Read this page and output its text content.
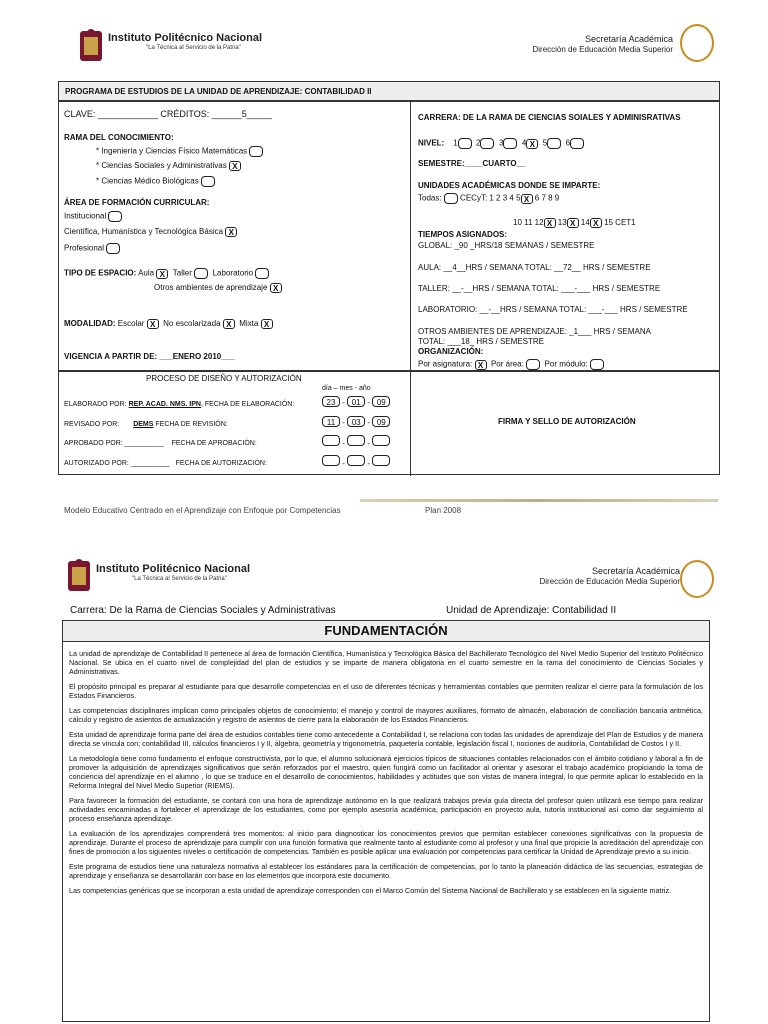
Instituto Politécnico Nacional
"La Técnica al Servicio de la Patria"
Secretaría Académica
Dirección de Educación Media Superior
PROGRAMA DE ESTUDIOS DE LA UNIDAD DE APRENDIZAJE: CONTABILIDAD II
CLAVE: ____________ CRÉDITOS: ______5_____
RAMA DEL CONOCIMIENTO:
* Ingeniería y Ciencias Físico Matemáticas
* Ciencias Sociales y Administrativas X
* Ciencias Médico Biológicas
ÁREA DE FORMACIÓN CURRICULAR:
Institucional
Científica, Humanística y Tecnológica Básica X
Profesional
TIPO DE ESPACIO: Aula X Taller	Laboratorio
Otros ambientes de aprendizaje X
MODALIDAD: Escolar X No escolarizada X Mixta X
VIGENCIA A PARTIR DE: ___ENERO 2010___
CARRERA: DE LA RAMA DE CIENCIAS SOIALES Y ADMINISRATIVAS
NIVEL: 1 2 3 4 X 5 6
SEMESTRE:____CUARTO__
UNIDADES ACADÉMICAS DONDE SE IMPARTE:
Todas: CECyT: 1 2 3 4 5 X 6 7 8 9
10 11 12 X 13 X 14 X 15 CET1
TIEMPOS ASIGNADOS:
GLOBAL: _90 _HRS/18 SEMANAS / SEMESTRE
AULA: __4__HRS / SEMANA TOTAL: __72__ HRS / SEMESTRE
TALLER: __-__HRS / SEMANA TOTAL: ___-___ HRS / SEMESTRE
LABORATORIO: __-__HRS / SEMANA TOTAL: ___-___ HRS / SEMESTRE
OTROS AMBIENTES DE APRENDIZAJE: _1___ HRS / SEMANA
TOTAL: ___18_ HRS / SEMESTRE
ORGANIZACIÓN:
Por asignatura: X Por área:	Por módulo:
PROCESO DE DISEÑO Y AUTORIZACIÓN
día – mes - año
ELABORADO POR: REP. ACAD. NMS. IPN, FECHA DE ELABORACIÓN:	23 - 01 - 09
REVISADO POR: DEMS FECHA DE REVISIÓN:	11 - 03 - 09
APROBADO POR: __________ FECHA DE APROBACIÓN:	-	-
AUTORIZADO POR: __________ FECHA DE AUTORIZACIÓN:	-	-
FIRMA Y SELLO DE AUTORIZACIÓN
Modelo Educativo Centrado en el Aprendizaje con Enfoque por Competencias	Plan 2008
Instituto Politécnico Nacional
"La Técnica al Servicio de la Patria"
Secretaría Académica
Dirección de Educación Media Superior
Carrera: De la Rama de Ciencias Sociales y Administrativas	Unidad de Aprendizaje: Contabilidad II
FUNDAMENTACIÓN

La unidad de aprendizaje de Contabilidad II pertenece al área de formación Científica, Humanística y Tecnológica Básica del Bachillerato Tecnológico del Nivel Medio Superior del Instituto Politécnico Nacional. Se ubica en el cuarto nivel de complejidad del plan de estudios y se imparte de manera obligatoria en el cuarto semestre en la rama del conocimiento de Ciencias Sociales y Administrativas.

El propósito principal es preparar al estudiante para que desarrolle competencias en el uso de diferentes técnicas y herramientas contables que permiten realizar el cierre para la formulación de los Estados Financieros.

Las competencias disciplinares implican como principales objetos de conocimiento; el manejo y control de mayores auxiliares, formato de almacén, elaboración de conciliación bancaria aritmética, cálculo y registro de asientos de actualización y registro de asientos de cierre para la elaboración de los Estados Financieros.

Esta unidad de aprendizaje forma parte del área de estudios contables tiene como antecedente a Contabilidad I, se relaciona con todas las unidades de aprendizaje del Plan de Estudios y de manera directa se vincula con; contabilidad III, cálculos financieros I y II, álgebra, geometría y trigonometría, paquetería contable, legislación fiscal I, nociones de auditoría, Contabilidad de Costos I y II.

La metodología tiene como fundamento el enfoque constructivista, por lo que, el alumno solucionará ejercicios típicos de situaciones contables relacionados con el ámbito cotidiano y laboral a fin de promover la adquisición de aprendizajes significativos que serán reforzados por el maestro, quien fungirá como un facilitador al orientar y asesorar el trabajo académico propiciando la toma de conciencia del aprendizaje en el alumno , lo que se traduce en el desarrollo de conocimientos, habilidades y actitudes que son vistas de manera integral, lo que permite aplicar lo establecido en la Reforma Integral del Nivel Medio Superior (RIEMS).

Para favorecer la formación del estudiante, se contará con una hora de aprendizaje autónomo en la que realizará trabajos previa guía directa del profesor quien utilizará ese tiempo para realizar actividades encaminadas a fortalecer el aprendizaje de los estudiantes, como por ejemplo asesoría académica, participación en proyecto aula, tutoría institucional así como dar seguimiento al proceso enseñanza aprendizaje.

La evaluación de los aprendizajes comprenderá tres momentos: al inicio para diagnosticar los conocimientos previos que permitan establecer conexiones significativas con la propuesta de aprendizaje. Durante el proceso de aprendizaje para cumplir con una función formativa que realmente tanto al estudiante como al profesor y una final que propicie la acreditación del aprendizaje con fines de promoción a los siguientes niveles o certificación de competencias. También es posible aplicar una evaluación por competencias para certificar la Unidad de Aprendizaje previo a su inicio.

Este programa de estudios tiene una naturaleza normativa al establecer los estándares para la certificación de competencias, por lo tanto la planeación didáctica de las secuencias, estrategias de aprendizaje y enseñanza se desarrollarán con base en los elementos que incorpora este documento.

Las competencias genéricas que se incorporan a esta unidad de aprendizaje corresponden con el Marco Común del Sistema Nacional de Bachillerato y se establecen en la siguiente matriz.
